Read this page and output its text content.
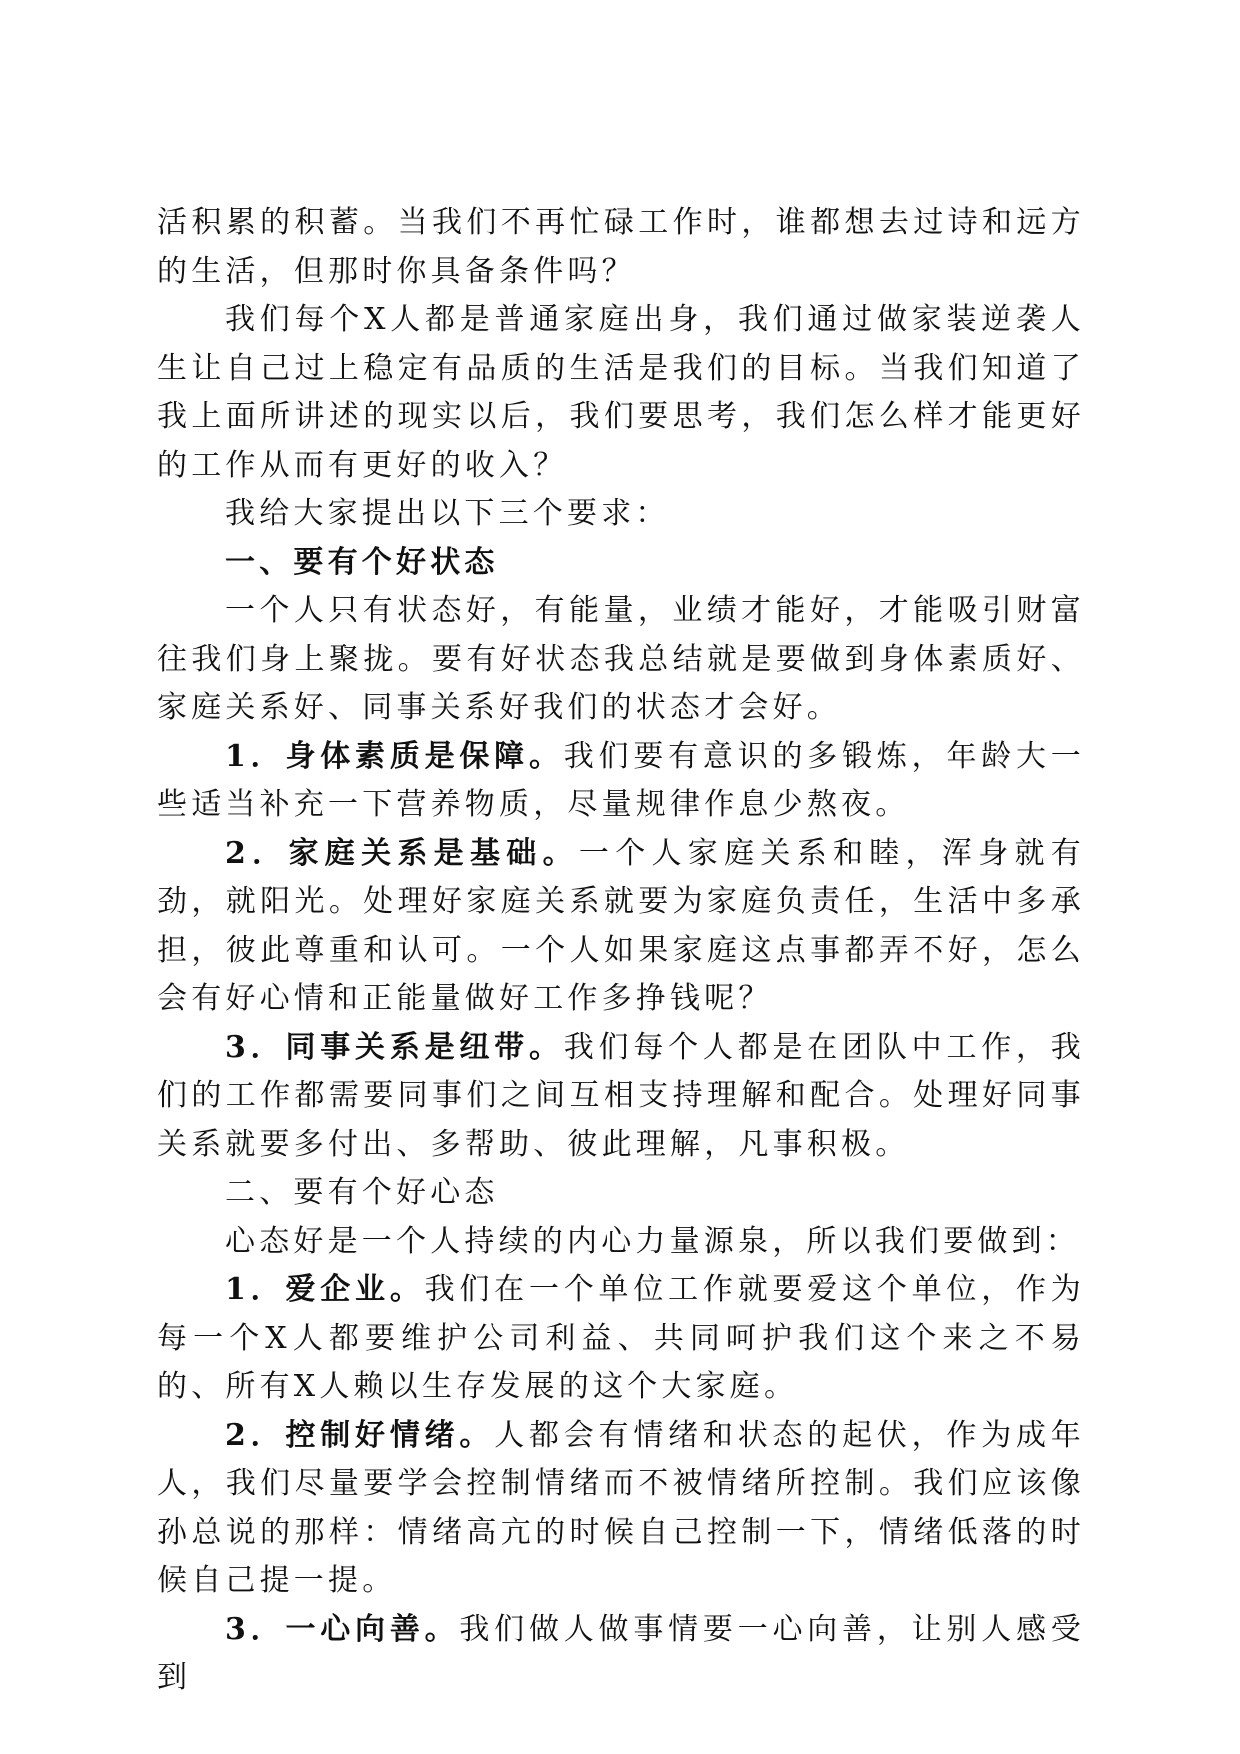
活积累的积蓄。当我们不再忙碌工作时，谁都想去过诗和远方的生活，但那时你具备条件吗？

我们每个X人都是普通家庭出身，我们通过做家装逆袭人生让自己过上稳定有品质的生活是我们的目标。当我们知道了我上面所讲述的现实以后，我们要思考，我们怎么样才能更好的工作从而有更好的收入？

我给大家提出以下三个要求：

一、要有个好状态

一个人只有状态好，有能量，业绩才能好，才能吸引财富往我们身上聚拢。要有好状态我总结就是要做到身体素质好、家庭关系好、同事关系好我们的状态才会好。

1．身体素质是保障。我们要有意识的多锻炼，年龄大一些适当补充一下营养物质，尽量规律作息少熬夜。

2．家庭关系是基础。一个人家庭关系和睦，浑身就有劲，就阳光。处理好家庭关系就要为家庭负责任，生活中多承担，彼此尊重和认可。一个人如果家庭这点事都弄不好，怎么会有好心情和正能量做好工作多挣钱呢？

3．同事关系是纽带。我们每个人都是在团队中工作，我们的工作都需要同事们之间互相支持理解和配合。处理好同事关系就要多付出、多帮助、彼此理解，凡事积极。

二、要有个好心态

心态好是一个人持续的内心力量源泉，所以我们要做到：

1．爱企业。我们在一个单位工作就要爱这个单位，作为每一个X人都要维护公司利益、共同呵护我们这个来之不易的、所有X人赖以生存发展的这个大家庭。

2．控制好情绪。人都会有情绪和状态的起伏，作为成年人，我们尽量要学会控制情绪而不被情绪所控制。我们应该像孙总说的那样：情绪高亢的时候自己控制一下，情绪低落的时候自己提一提。

3．一心向善。我们做人做事情要一心向善，让别人感受到
